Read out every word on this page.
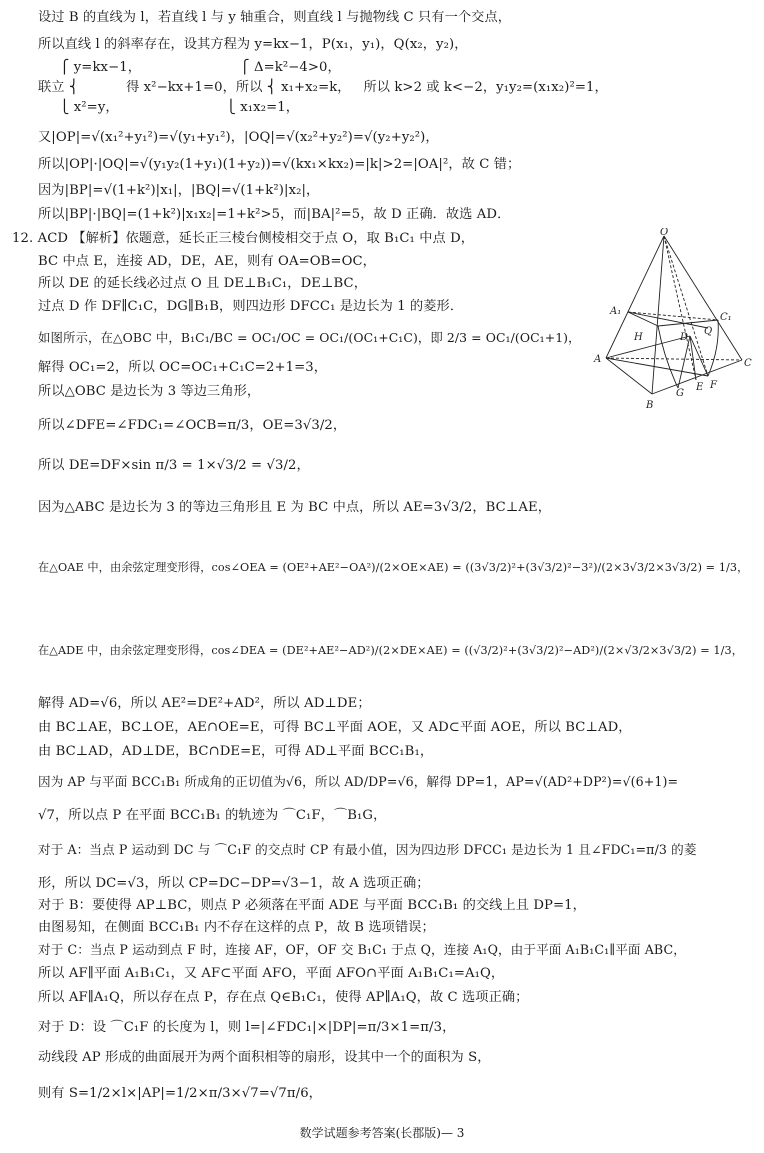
设过 B 的直线为 l，若直线 l 与 y 轴重合，则直线 l 与抛物线 C 只有一个交点，
所以直线 l 的斜率存在，设其方程为 y=kx−1，P(x₁，y₁)，Q(x₂，y₂)，
⎧ y=kx−1，                       ⎧ Δ=k²−4>0，
联立 ⎨           得 x²−kx+1=0，所以 ⎨ x₁+x₂=k，   所以 k>2 或 k<−2，y₁y₂=(x₁x₂)²=1，
⎩ x²=y，                         ⎩ x₁x₂=1，
又|OP|=√(x₁²+y₁²)=√(y₁+y₁²)，|OQ|=√(x₂²+y₂²)=√(y₂+y₂²)，
所以|OP|·|OQ|=√(y₁y₂(1+y₁)(1+y₂))=√(kx₁×kx₂)=|k|>2=|OA|²，故 C 错；
因为|BP|=√(1+k²)|x₁|，|BQ|=√(1+k²)|x₂|，
所以|BP|·|BQ|=(1+k²)|x₁x₂|=1+k²>5，而|BA|²=5，故 D 正确．故选 AD．
12. ACD 【解析】依题意，延长正三棱台侧棱相交于点 O，取 B₁C₁ 中点 D，
BC 中点 E，连接 AD，DE，AE，则有 OA=OB=OC，
所以 DE 的延长线必过点 O 且 DE⊥B₁C₁，DE⊥BC，
过点 D 作 DF∥C₁C，DG∥B₁B，则四边形 DFCC₁ 是边长为 1 的菱形．
如图所示，在△OBC 中，B₁C₁/BC = OC₁/OC = OC₁/(OC₁+C₁C)，即 2/3 = OC₁/(OC₁+1)，
解得 OC₁=2，所以 OC=OC₁+C₁C=2+1=3，
所以△OBC 是边长为 3 等边三角形，
所以∠DFE=∠FDC₁=∠OCB=π/3，OE=3√3/2，
所以 DE=DF×sin π/3 = 1×√3/2 = √3/2，
因为△ABC 是边长为 3 的等边三角形且 E 为 BC 中点，所以 AE=3√3/2，BC⊥AE，
在△OAE 中，由余弦定理变形得，cos∠OEA = (OE²+AE²−OA²)/(2×OE×AE) = ((3√3/2)²+(3√3/2)²−3²)/(2×3√3/2×3√3/2) = 1/3，
在△ADE 中，由余弦定理变形得，cos∠DEA = (DE²+AE²−AD²)/(2×DE×AE) = ((√3/2)²+(3√3/2)²−AD²)/(2×√3/2×3√3/2) = 1/3，
解得 AD=√6，所以 AE²=DE²+AD²，所以 AD⊥DE；
由 BC⊥AE，BC⊥OE，AE∩OE=E，可得 BC⊥平面 AOE，又 AD⊂平面 AOE，所以 BC⊥AD，
由 BC⊥AD，AD⊥DE，BC∩DE=E，可得 AD⊥平面 BCC₁B₁，
因为 AP 与平面 BCC₁B₁ 所成角的正切值为√6，所以 AD/DP=√6，解得 DP=1，AP=√(AD²+DP²)=√(6+1)=
√7，所以点 P 在平面 BCC₁B₁ 的轨迹为 ⌒C₁F，⌒B₁G，
对于 A：当点 P 运动到 DC 与 ⌒C₁F 的交点时 CP 有最小值，因为四边形 DFCC₁ 是边长为 1 且∠FDC₁=π/3 的菱
形，所以 DC=√3，所以 CP=DC−DP=√3−1，故 A 选项正确；
对于 B：要使得 AP⊥BC，则点 P 必须落在平面 ADE 与平面 BCC₁B₁ 的交线上且 DP=1，
由图易知，在侧面 BCC₁B₁ 内不存在这样的点 P，故 B 选项错误；
对于 C：当点 P 运动到点 F 时，连接 AF，OF，OF 交 B₁C₁ 于点 Q，连接 A₁Q，由于平面 A₁B₁C₁∥平面 ABC，
所以 AF∥平面 A₁B₁C₁，又 AF⊂平面 AFO，平面 AFO∩平面 A₁B₁C₁=A₁Q，
所以 AF∥A₁Q，所以存在点 P，存在点 Q∈B₁C₁，使得 AP∥A₁Q，故 C 选项正确；
对于 D：设 ⌒C₁F 的长度为 l，则 l=|∠FDC₁|×|DP|=π/3×1=π/3，
动线段 AP 形成的曲面展开为两个面积相等的扇形，设其中一个的面积为 S，
则有 S=1/2×l×|AP|=1/2×π/3×√7=√7π/6，
O
A₁
C₁
H	D
Q
A	C
B
G
F
E
数学试题参考答案(长郡版)— 3
